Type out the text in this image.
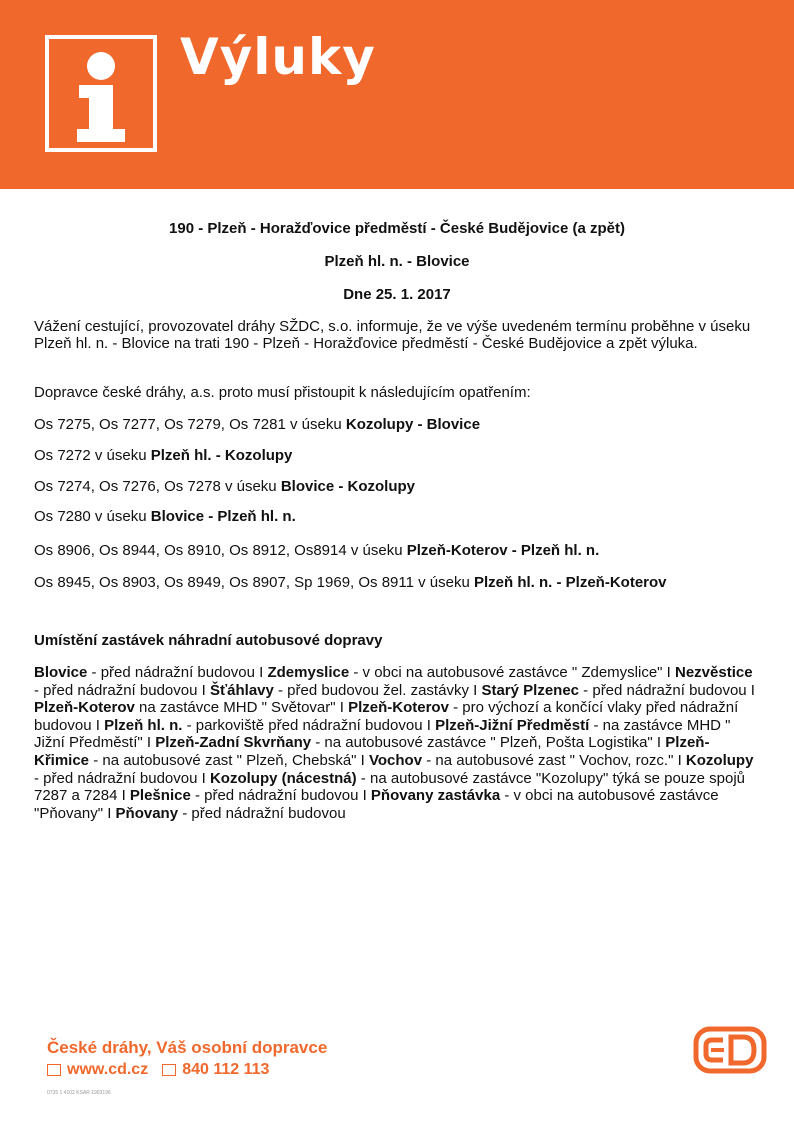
Výluky
190 - Plzeň - Horažďovice předměstí - České Budějovice (a zpět)
Plzeň hl. n. - Blovice
Dne 25. 1. 2017
Vážení cestující, provozovatel dráhy SŽDC, s.o. informuje, že ve výše uvedeném termínu proběhne v úseku Plzeň hl. n. - Blovice na trati 190 - Plzeň - Horažďovice předměstí - České Budějovice a zpět výluka.
Dopravce české dráhy, a.s. proto musí přistoupit k následujícím opatřením:
Os 7275, Os 7277, Os 7279, Os 7281 v úseku Kozolupy - Blovice
Os 7272 v úseku Plzeň hl. - Kozolupy
Os 7274, Os 7276, Os 7278 v úseku Blovice - Kozolupy
Os 7280 v úseku Blovice - Plzeň hl. n.
Os 8906, Os 8944, Os 8910, Os 8912, Os8914 v úseku Plzeň-Koterov - Plzeň hl. n.
Os 8945, Os 8903, Os 8949, Os 8907, Sp 1969, Os 8911 v úseku Plzeň hl. n. - Plzeň-Koterov
Umístění zastávek náhradní autobusové dopravy
Blovice - před nádražní budovou I Zdemyslice - v obci na autobusové zastávce " Zdemyslice" I Nezvěstice - před nádražní budovou I Šťáhlavy - před budovou žel. zastávky I Starý Plzenec - před nádražní budovou I Plzeň-Koterov na zastávce MHD " Světovar" I Plzeň-Koterov - pro výchozí a končící vlaky před nádražní budovou I Plzeň hl. n. - parkoviště před nádražní budovou I Plzeň-Jižní Předměstí - na zastávce MHD " Jižní Předměstí" I Plzeň-Zadní Skvrňany - na autobusové zastávce " Plzeň, Pošta Logistika" I Plzeň-Křimice - na autobusové zast " Plzeň, Chebská" I Vochov - na autobusové zast " Vochov, rozc." I Kozolupy - před nádražní budovou I Kozolupy (nácestná) - na autobusové zastávce "Kozolupy" týká se pouze spojů 7287 a 7284 I Plešnice - před nádražní budovou I Pňovany zastávka - v obci na autobusové zastávce "Pňovany" I Pňovany - před nádražní budovou
České dráhy, Váš osobní dopravce
www.cd.cz 840 112 113
0735 1 4102 KSAR 1903196
